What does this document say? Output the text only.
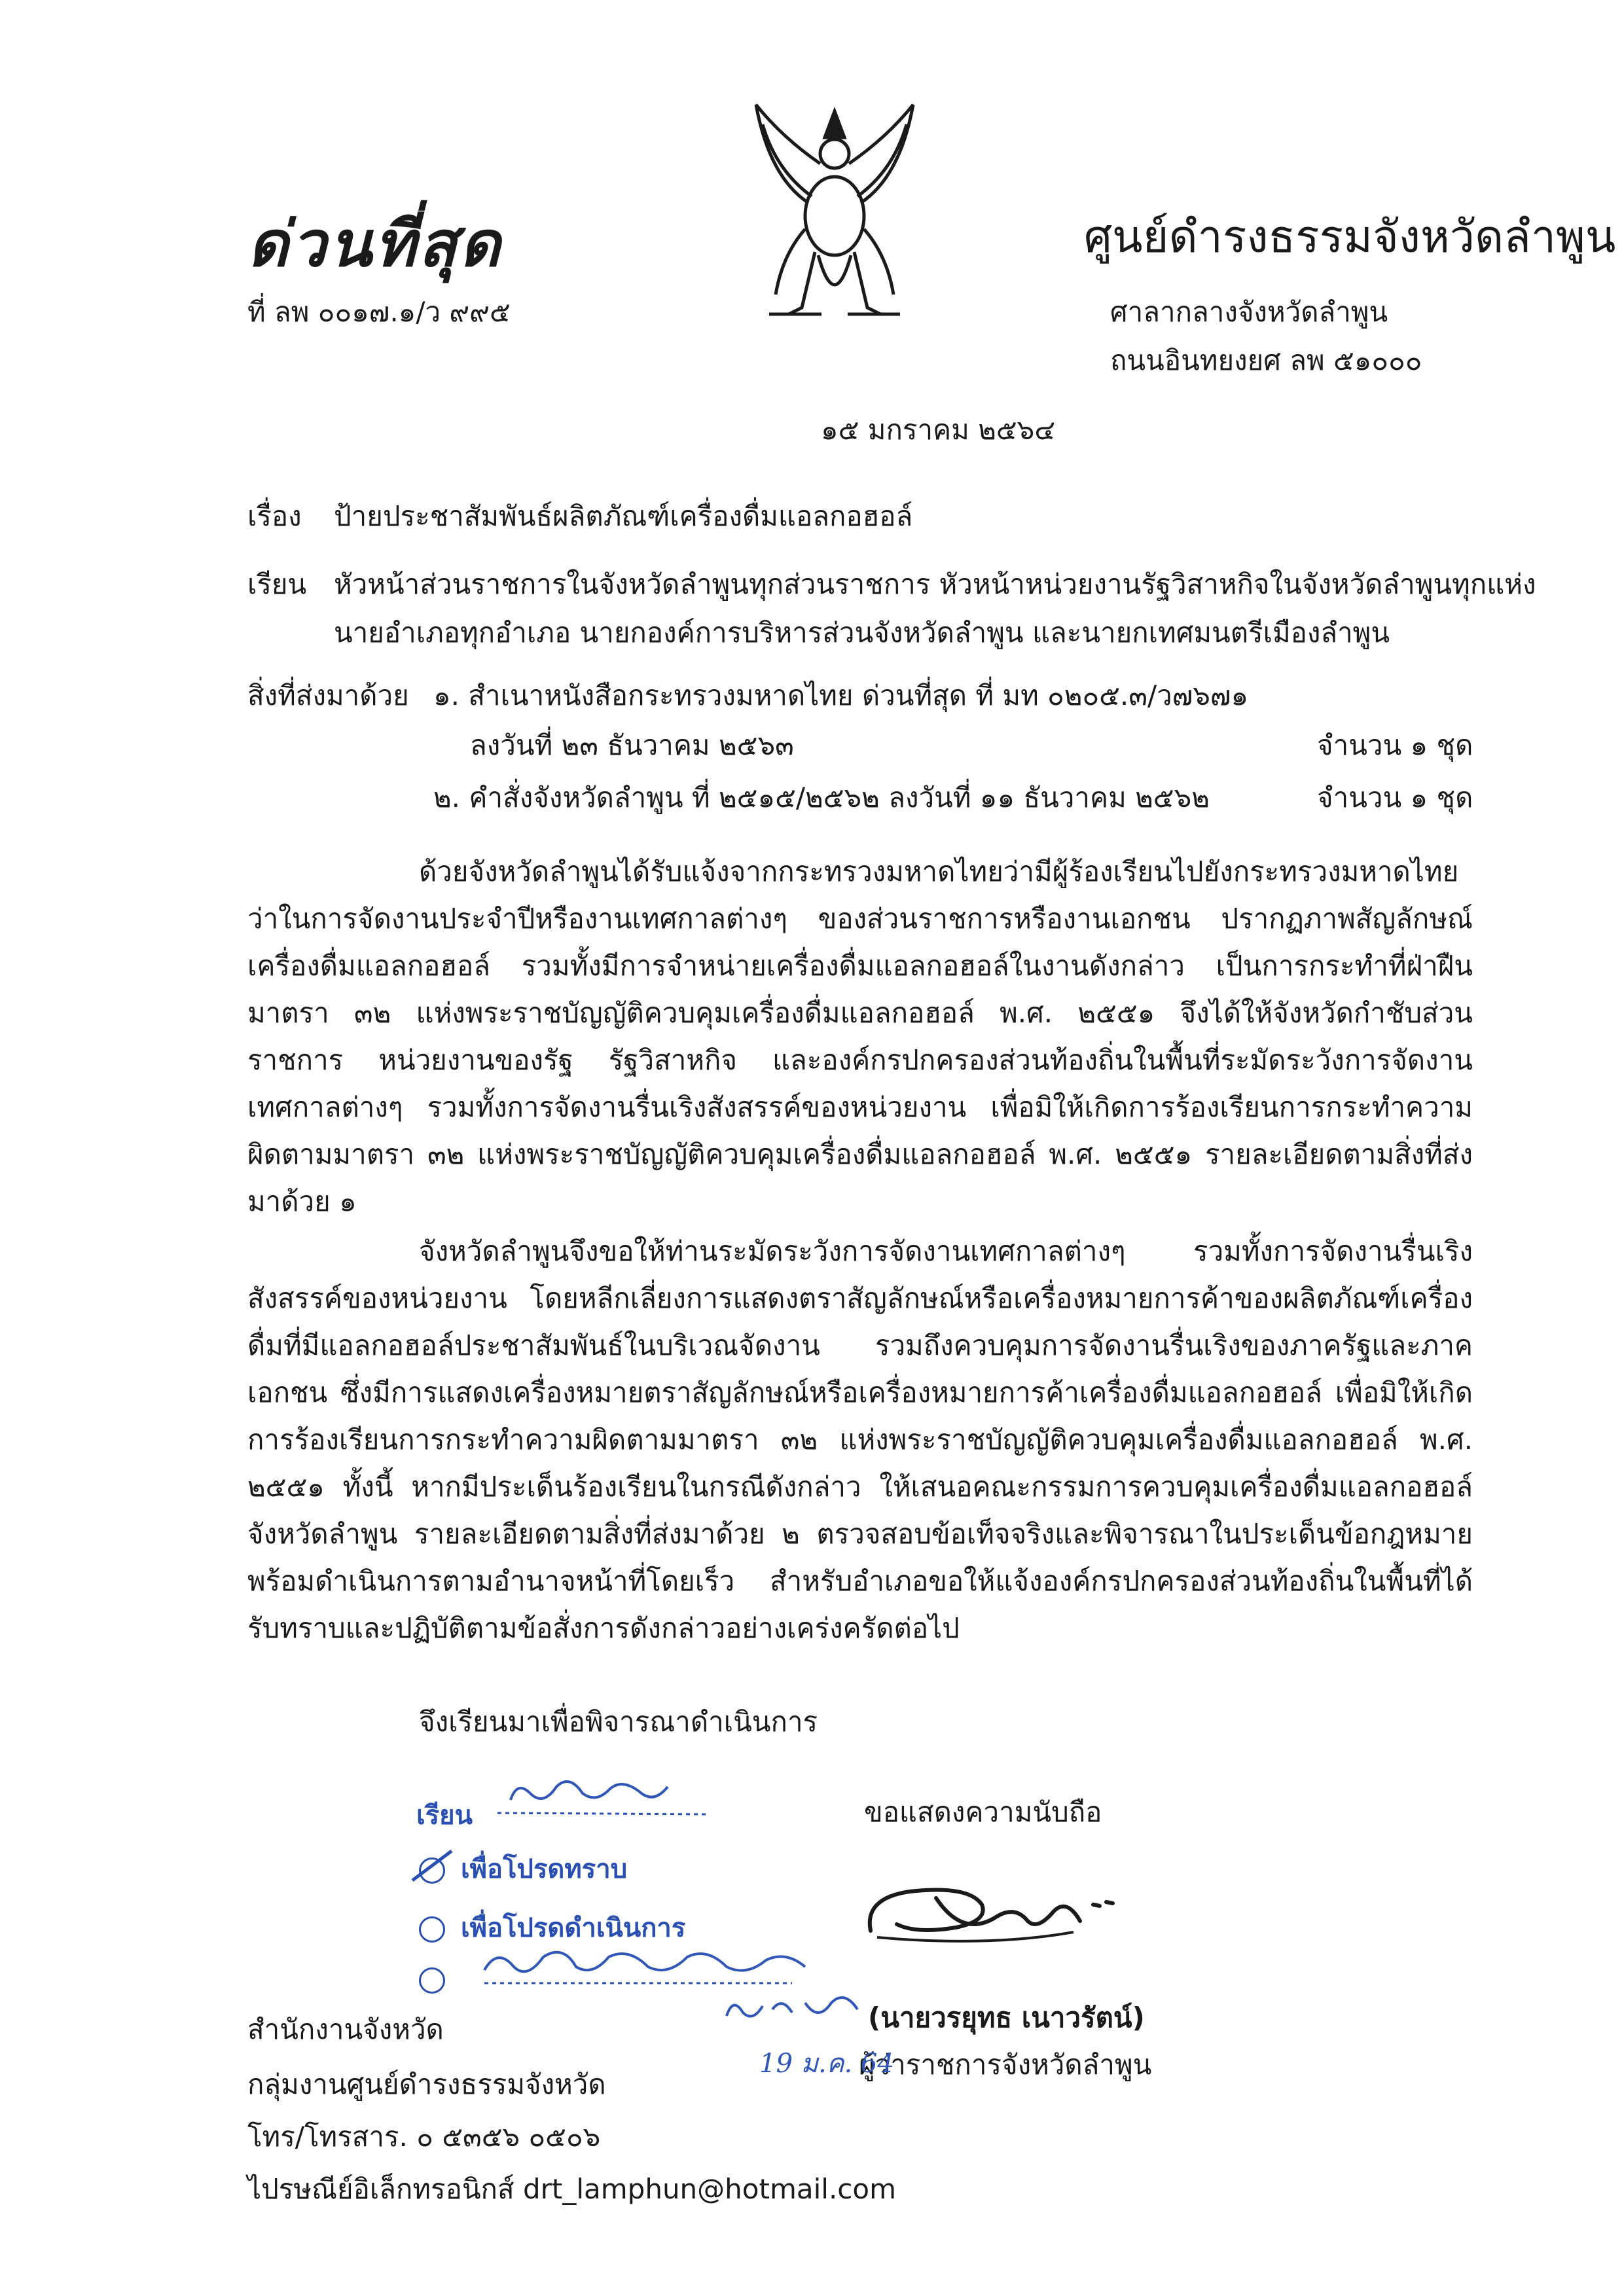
ด่วนที่สุด
ที่ ลพ ๐๐๑๗.๑/ว ๙๙๕
ศูนย์ดำรงธรรมจังหวัดลำพูน
ศาลากลางจังหวัดลำพูน
ถนนอินทยงยศ ลพ ๕๑๐๐๐
๑๕ มกราคม ๒๕๖๔
เรื่อง ป้ายประชาสัมพันธ์ผลิตภัณฑ์เครื่องดื่มแอลกอฮอล์
เรียน หัวหน้าส่วนราชการในจังหวัดลำพูนทุกส่วนราชการ หัวหน้าหน่วยงานรัฐวิสาหกิจในจังหวัดลำพูนทุกแห่ง
นายอำเภอทุกอำเภอ นายกองค์การบริหารส่วนจังหวัดลำพูน และนายกเทศมนตรีเมืองลำพูน
สิ่งที่ส่งมาด้วย ๑. สำเนาหนังสือกระทรวงมหาดไทย ด่วนที่สุด ที่ มท ๐๒๐๕.๓/ว๗๖๗๑
ลงวันที่ ๒๓ ธันวาคม ๒๕๖๓	จำนวน ๑ ชุด
๒. คำสั่งจังหวัดลำพูน ที่ ๒๕๑๕/๒๕๖๒ ลงวันที่ ๑๑ ธันวาคม ๒๕๖๒	จำนวน ๑ ชุด
ด้วยจังหวัดลำพูนได้รับแจ้งจากกระทรวงมหาดไทยว่ามีผู้ร้องเรียนไปยังกระทรวงมหาดไทยว่าในการจัดงานประจำปีหรืองานเทศกาลต่างๆ ของส่วนราชการหรืองานเอกชน ปรากฏภาพสัญลักษณ์เครื่องดื่มแอลกอฮอล์ รวมทั้งมีการจำหน่ายเครื่องดื่มแอลกอฮอล์ในงานดังกล่าว เป็นการกระทำที่ฝ่าฝืนมาตรา ๓๒ แห่งพระราชบัญญัติควบคุมเครื่องดื่มแอลกอฮอล์ พ.ศ. ๒๕๕๑ จึงได้ให้จังหวัดกำชับส่วนราชการ หน่วยงานของรัฐ รัฐวิสาหกิจ และองค์กรปกครองส่วนท้องถิ่นในพื้นที่ระมัดระวังการจัดงานเทศกาลต่างๆ รวมทั้งการจัดงานรื่นเริงสังสรรค์ของหน่วยงาน เพื่อมิให้เกิดการร้องเรียนการกระทำความผิดตามมาตรา ๓๒ แห่งพระราชบัญญัติควบคุมเครื่องดื่มแอลกอฮอล์ พ.ศ. ๒๕๕๑ รายละเอียดตามสิ่งที่ส่งมาด้วย ๑
จังหวัดลำพูนจึงขอให้ท่านระมัดระวังการจัดงานเทศกาลต่างๆ รวมทั้งการจัดงานรื่นเริงสังสรรค์ของหน่วยงาน โดยหลีกเลี่ยงการแสดงตราสัญลักษณ์หรือเครื่องหมายการค้าของผลิตภัณฑ์เครื่องดื่มที่มีแอลกอฮอล์ประชาสัมพันธ์ในบริเวณจัดงาน รวมถึงควบคุมการจัดงานรื่นเริงของภาครัฐและภาคเอกชน ซึ่งมีการแสดงเครื่องหมายตราสัญลักษณ์หรือเครื่องหมายการค้าเครื่องดื่มแอลกอฮอล์ เพื่อมิให้เกิดการร้องเรียนการกระทำความผิดตามมาตรา ๓๒ แห่งพระราชบัญญัติควบคุมเครื่องดื่มแอลกอฮอล์ พ.ศ. ๒๕๕๑ ทั้งนี้ หากมีประเด็นร้องเรียนในกรณีดังกล่าว ให้เสนอคณะกรรมการควบคุมเครื่องดื่มแอลกอฮอล์จังหวัดลำพูน รายละเอียดตามสิ่งที่ส่งมาด้วย ๒ ตรวจสอบข้อเท็จจริงและพิจารณาในประเด็นข้อกฎหมายพร้อมดำเนินการตามอำนาจหน้าที่โดยเร็ว สำหรับอำเภอขอให้แจ้งองค์กรปกครองส่วนท้องถิ่นในพื้นที่ได้รับทราบและปฏิบัติตามข้อสั่งการดังกล่าวอย่างเคร่งครัดต่อไป
จึงเรียนมาเพื่อพิจารณาดำเนินการ
ขอแสดงความนับถือ
(นายวรยุทธ เนาวรัตน์)
ผู้ว่าราชการจังหวัดลำพูน
เรียน
เพื่อโปรดทราบ
เพื่อโปรดดำเนินการ
19 ม.ค. 64
สำนักงานจังหวัด
กลุ่มงานศูนย์ดำรงธรรมจังหวัด
โทร/โทรสาร. ๐ ๕๓๕๖ ๐๕๐๖
ไปรษณีย์อิเล็กทรอนิกส์ drt_lamphun@hotmail.com
